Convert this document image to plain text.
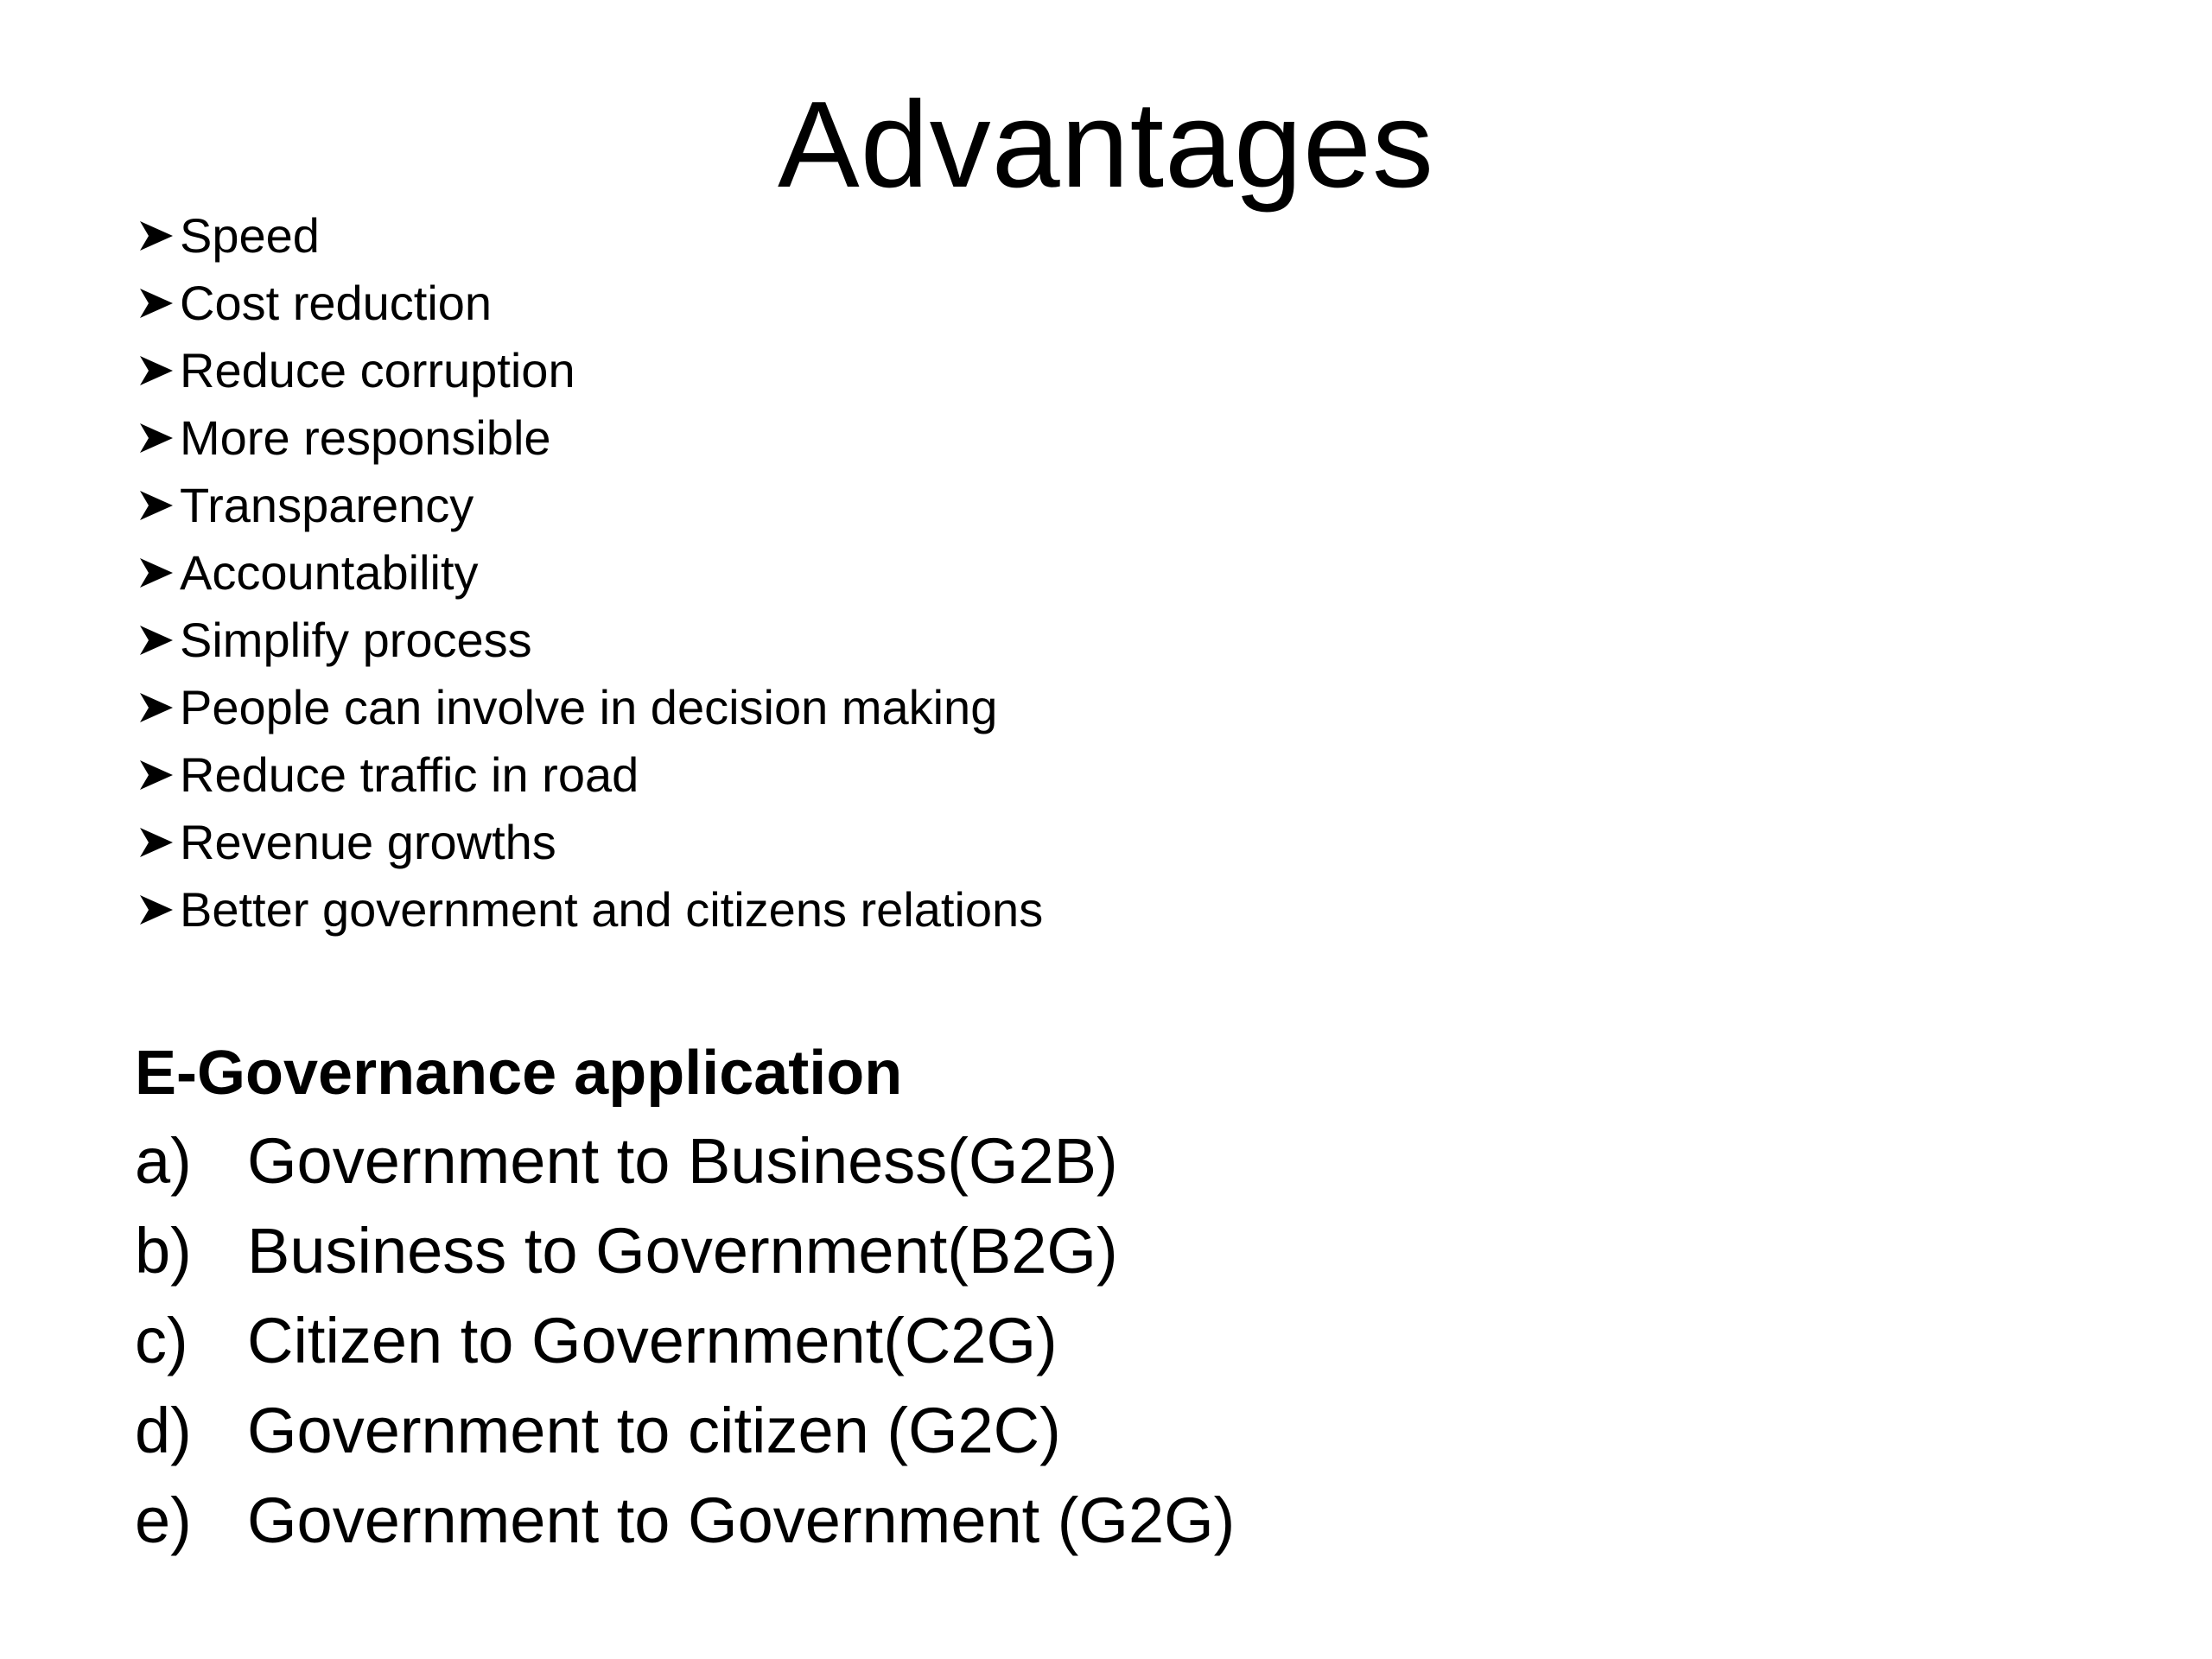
Advantages
Speed
Cost reduction
Reduce corruption
More responsible
Transparency
Accountability
Simplify process
People can involve in decision making
Reduce traffic in road
Revenue growths
Better government and citizens relations
E-Governance application
a) Government to Business(G2B)
b) Business to Government(B2G)
c) Citizen to Government(C2G)
d) Government to citizen (G2C)
e) Government to Government (G2G)
